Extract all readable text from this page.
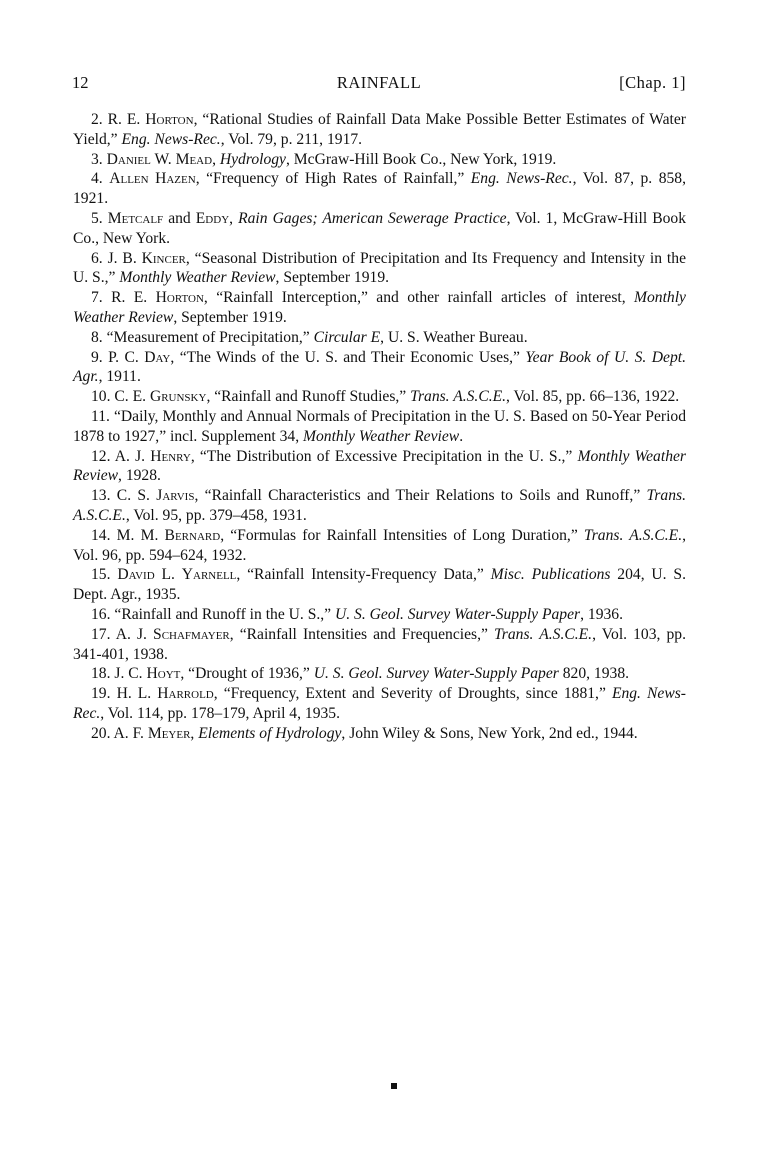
12	RAINFALL	[Chap. 1]

2. R. E. Horton, “Rational Studies of Rainfall Data Make Possible Better Estimates of Water Yield,” Eng. News-Rec., Vol. 79, p. 211, 1917.

3. Daniel W. Mead, Hydrology, McGraw-Hill Book Co., New York, 1919.

4. Allen Hazen, “Frequency of High Rates of Rainfall,” Eng. News-Rec., Vol. 87, p. 858, 1921.

5. Metcalf and Eddy, Rain Gages; American Sewerage Practice, Vol. 1, McGraw-Hill Book Co., New York.

6. J. B. Kincer, “Seasonal Distribution of Precipitation and Its Frequency and Intensity in the U. S.,” Monthly Weather Review, September 1919.

7. R. E. Horton, “Rainfall Interception,” and other rainfall articles of interest, Monthly Weather Review, September 1919.

8. “Measurement of Precipitation,” Circular E, U. S. Weather Bureau.

9. P. C. Day, “The Winds of the U. S. and Their Economic Uses,” Year Book of U. S. Dept. Agr., 1911.

10. C. E. Grunsky, “Rainfall and Runoff Studies,” Trans. A.S.C.E., Vol. 85, pp. 66–136, 1922.

11. “Daily, Monthly and Annual Normals of Precipitation in the U. S. Based on 50-Year Period 1878 to 1927,” incl. Supplement 34, Monthly Weather Review.

12. A. J. Henry, “The Distribution of Excessive Precipitation in the U. S.,” Monthly Weather Review, 1928.

13. C. S. Jarvis, “Rainfall Characteristics and Their Relations to Soils and Runoff,” Trans. A.S.C.E., Vol. 95, pp. 379–458, 1931.

14. M. M. Bernard, “Formulas for Rainfall Intensities of Long Duration,” Trans. A.S.C.E., Vol. 96, pp. 594–624, 1932.

15. David L. Yarnell, “Rainfall Intensity-Frequency Data,” Misc. Publications 204, U. S. Dept. Agr., 1935.

16. “Rainfall and Runoff in the U. S.,” U. S. Geol. Survey Water-Supply Paper, 1936.

17. A. J. Schafmayer, “Rainfall Intensities and Frequencies,” Trans. A.S.C.E., Vol. 103, pp. 341-401, 1938.

18. J. C. Hoyt, “Drought of 1936,” U. S. Geol. Survey Water-Supply Paper 820, 1938.

19. H. L. Harrold, “Frequency, Extent and Severity of Droughts, since 1881,” Eng. News-Rec., Vol. 114, pp. 178–179, April 4, 1935.

20. A. F. Meyer, Elements of Hydrology, John Wiley & Sons, New York, 2nd ed., 1944.
